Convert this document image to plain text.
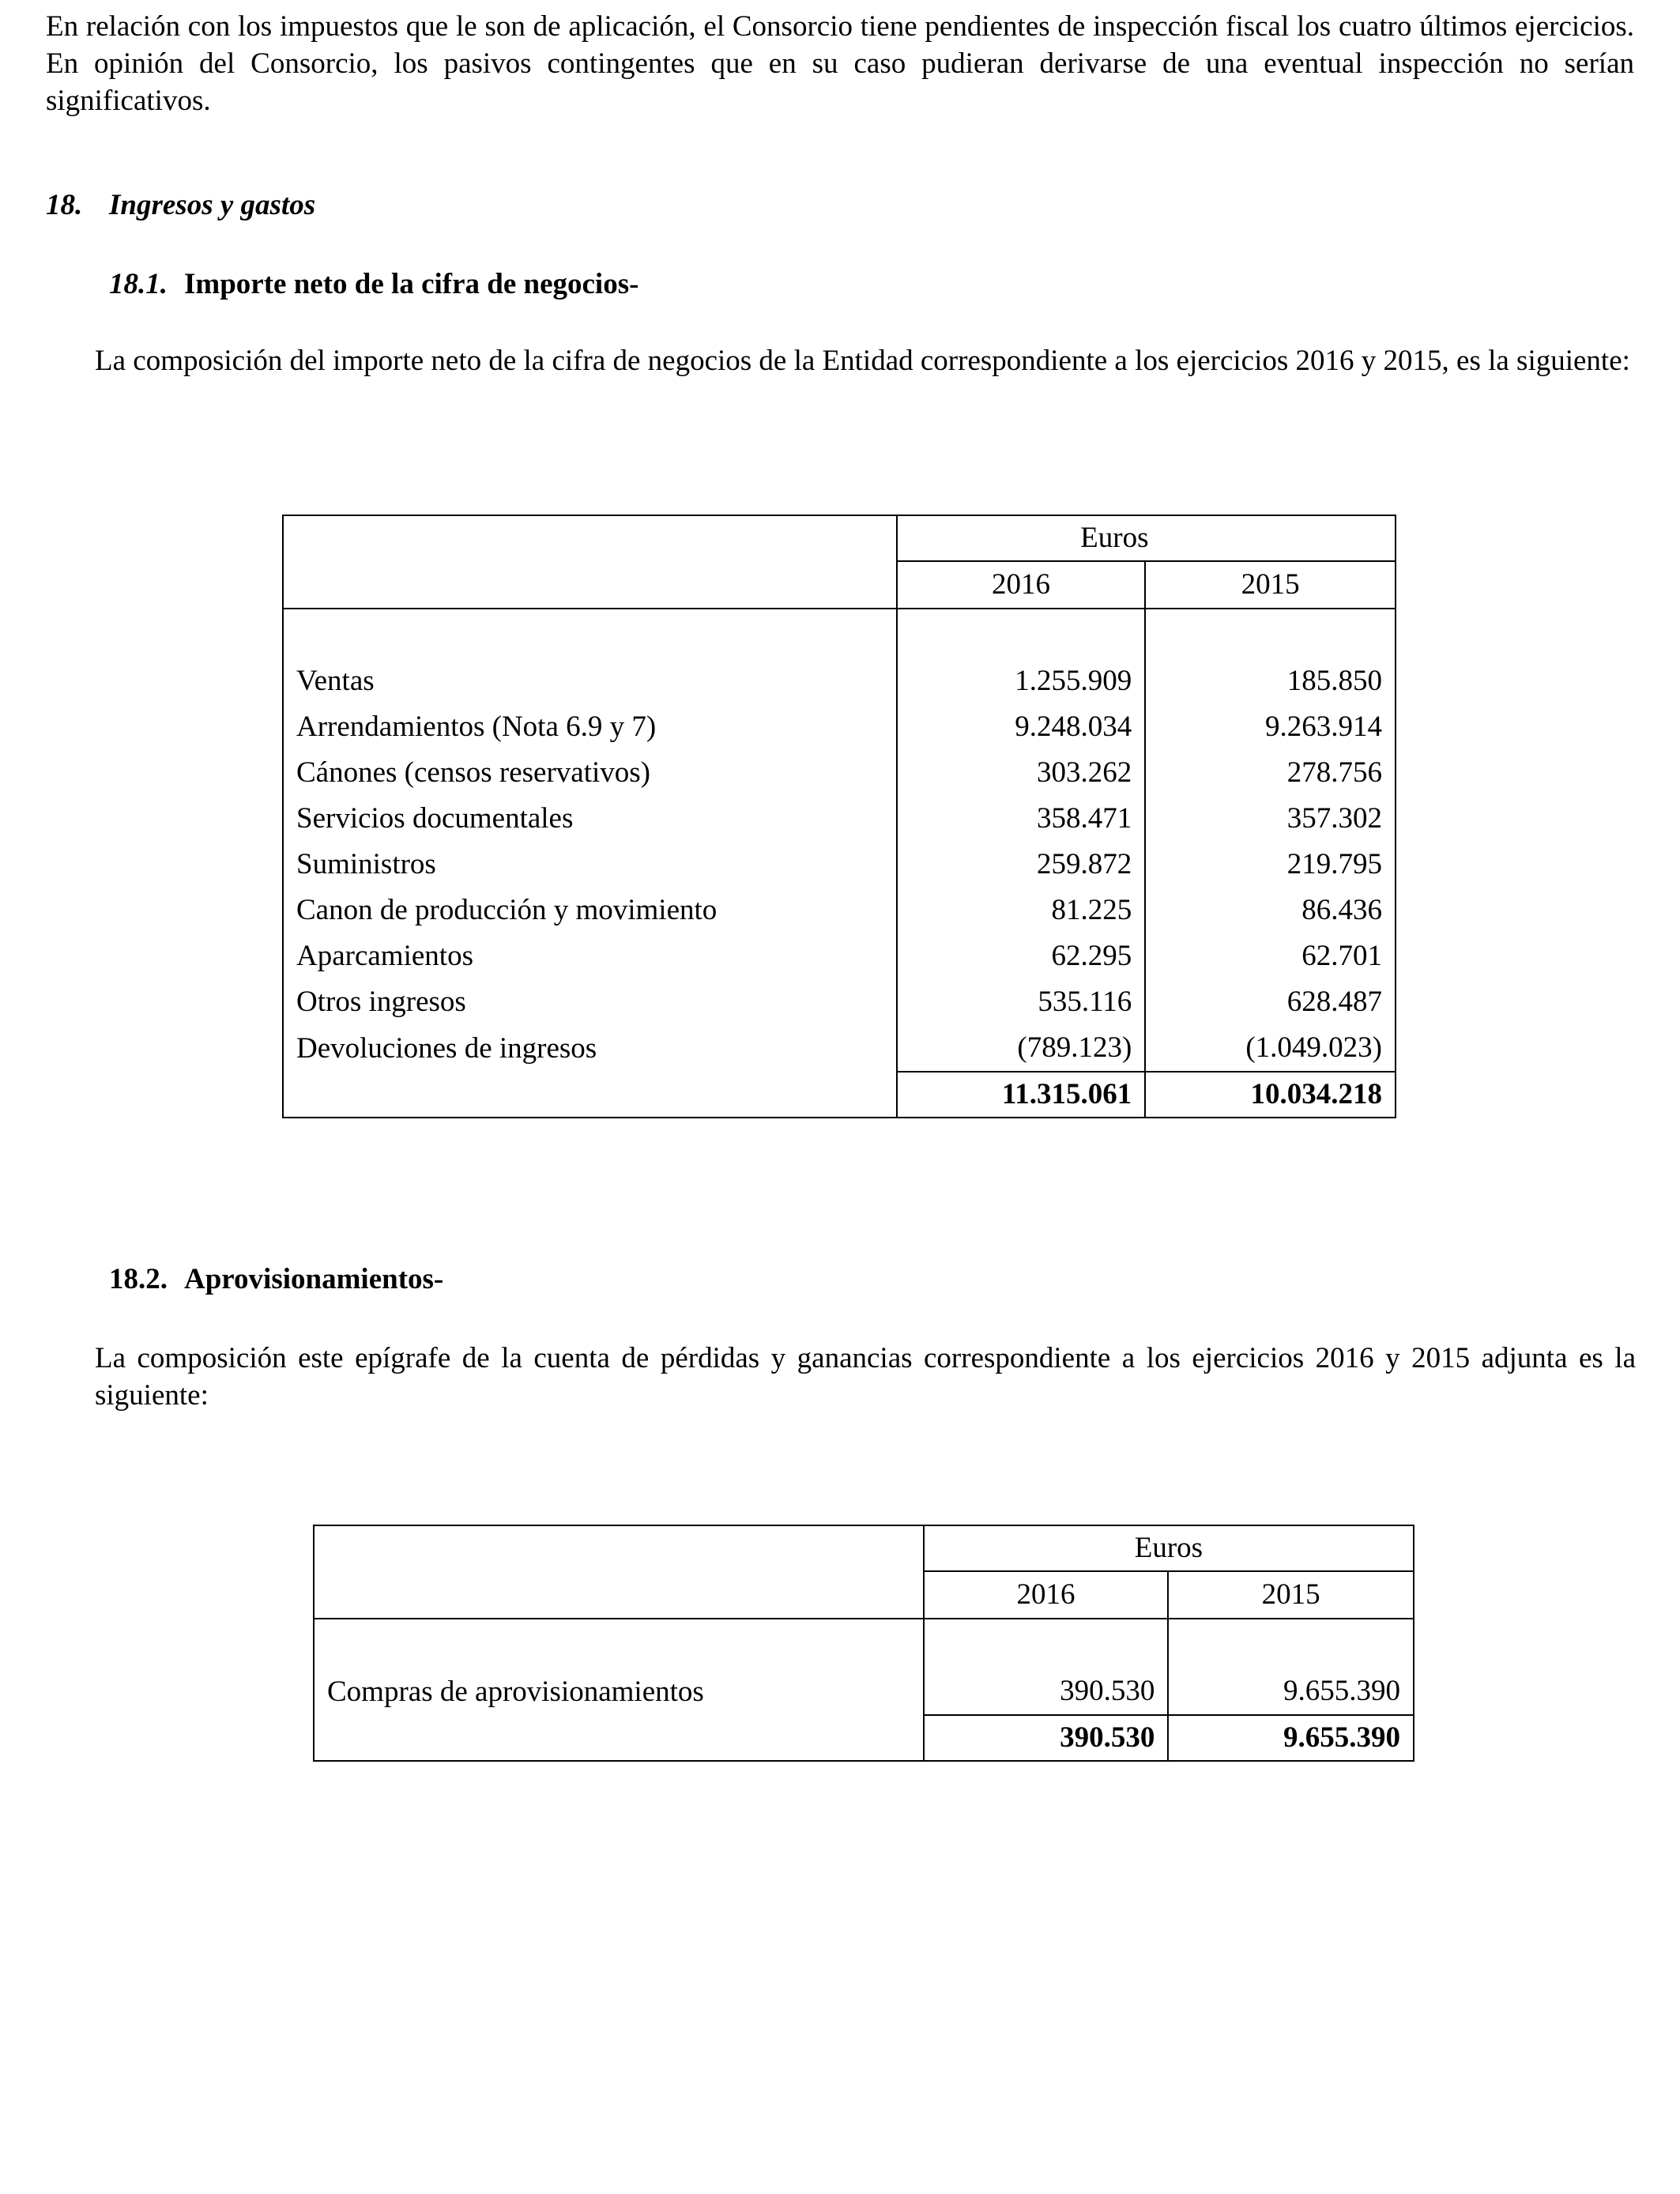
En relación con los impuestos que le son de aplicación, el Consorcio tiene pendientes de inspección fiscal los cuatro últimos ejercicios. En opinión del Consorcio, los pasivos contingentes que en su caso pudieran derivarse de una eventual inspección no serían significativos.

18. Ingresos y gastos
18.1. Importe neto de la cifra de negocios-

La composición del importe neto de la cifra de negocios de la Entidad correspondiente a los ejercicios 2016 y 2015, es la siguiente:

	Euros	
	2016	2015

Ventas	1.255.909	185.850
Arrendamientos (Nota 6.9 y 7)	9.248.034	9.263.914
Cánones (censos reservativos)	303.262	278.756
Servicios documentales	358.471	357.302
Suministros	259.872	219.795
Canon de producción y movimiento	81.225	86.436
Aparcamientos	62.295	62.701
Otros ingresos	535.116	628.487
Devoluciones de ingresos	(789.123)	(1.049.023)
	11.315.061	10.034.218
18.2. Aprovisionamientos-

La composición este epígrafe de la cuenta de pérdidas y ganancias correspondiente a los ejercicios 2016 y 2015 adjunta es la siguiente:

	Euros	
	2016	2015

Compras de aprovisionamientos	390.530	9.655.390
	390.530	9.655.390
